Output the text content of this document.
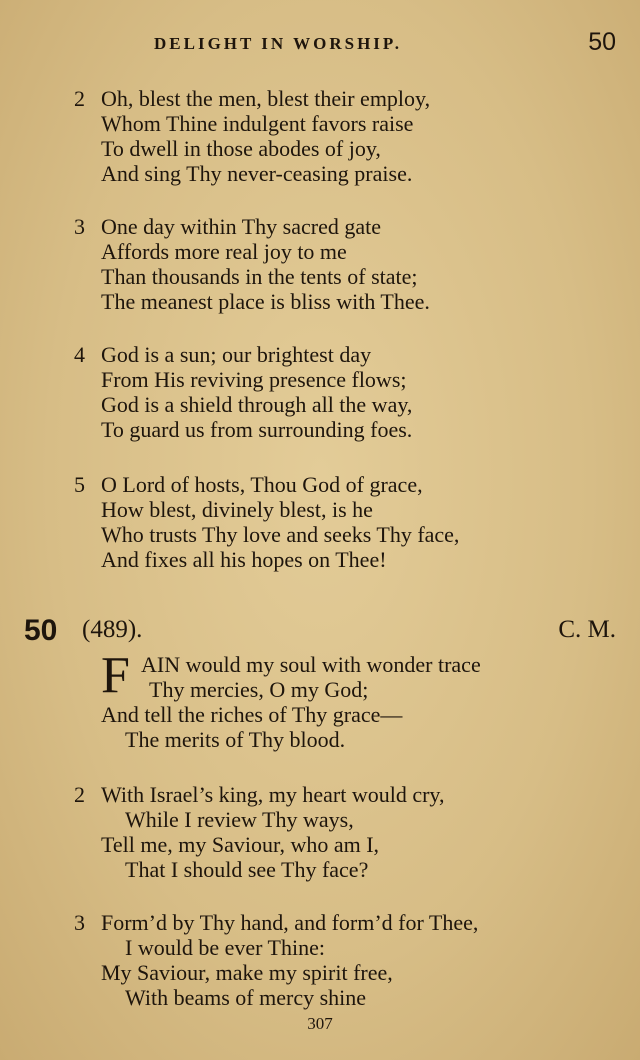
DELIGHT IN WORSHIP.	50
2 Oh, blest the men, blest their employ,
Whom Thine indulgent favors raise
To dwell in those abodes of joy,
And sing Thy never-ceasing praise.
3 One day within Thy sacred gate
Affords more real joy to me
Than thousands in the tents of state;
The meanest place is bliss with Thee.
4 God is a sun; our brightest day
From His reviving presence flows;
God is a shield through all the way,
To guard us from surrounding foes.
5 O Lord of hosts, Thou God of grace,
How blest, divinely blest, is he
Who trusts Thy love and seeks Thy face,
And fixes all his hopes on Thee!
50 (489).	C. M.
F AIN would my soul with wonder trace
Thy mercies, O my God;
And tell the riches of Thy grace—
The merits of Thy blood.
2 With Israel’s king, my heart would cry,
While I review Thy ways,
Tell me, my Saviour, who am I,
That I should see Thy face?
3 Form’d by Thy hand, and form’d for Thee,
I would be ever Thine:
My Saviour, make my spirit free,
With beams of mercy shine
307
